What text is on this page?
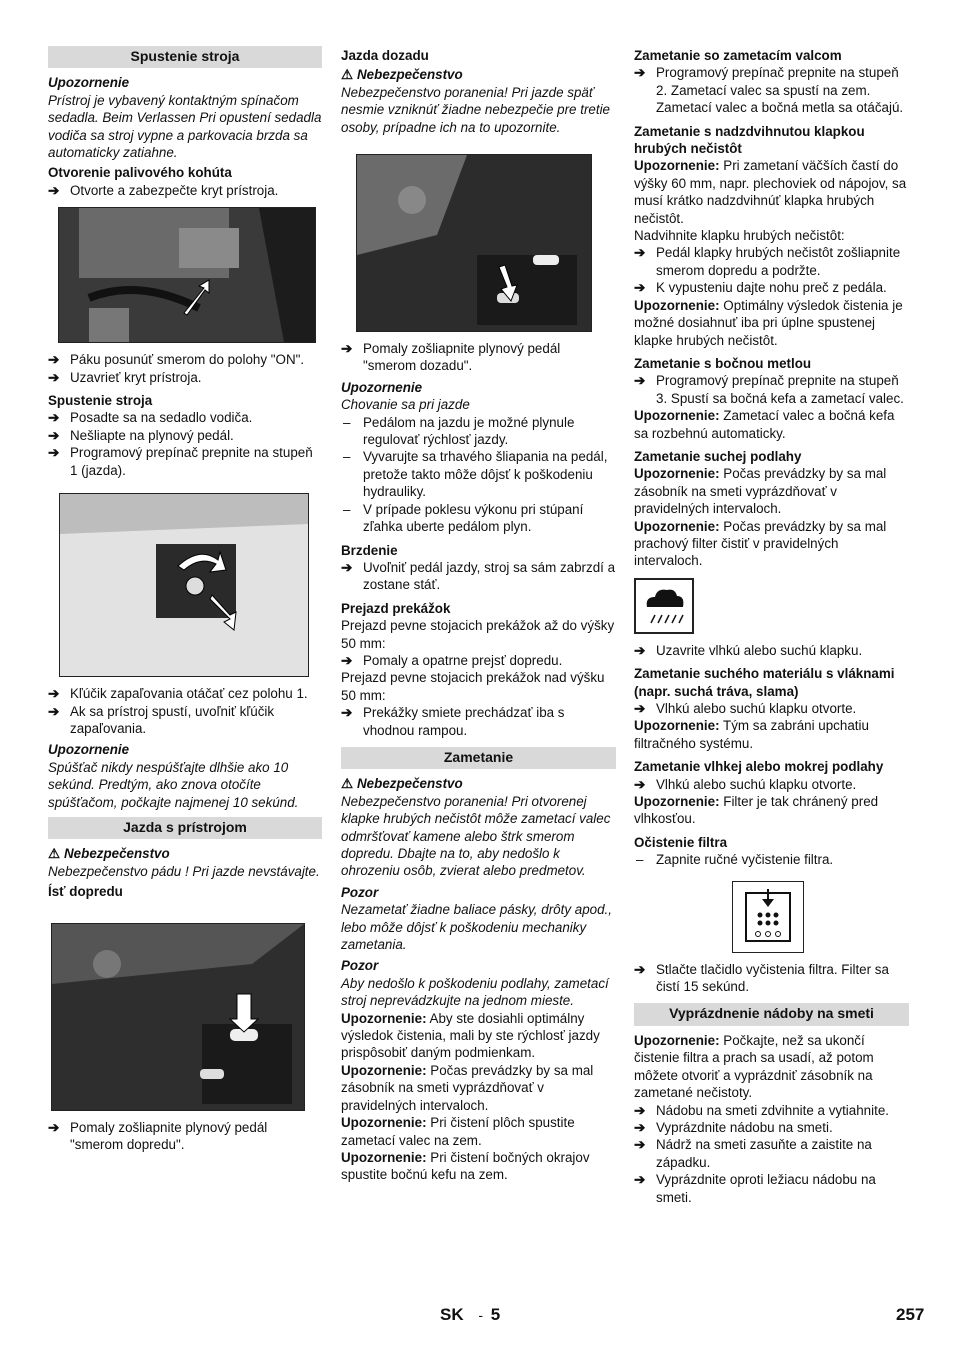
Spustenie stroja

Upozornenie

Prístroj je vybavený kontaktným spínačom sedadla. Beim Verlassen Pri opustení sedadla vodiča sa stroj vypne a parkovacia brzda sa automaticky zatiahne.

Otvorenie palivového kohúta

➔ Otvorte a zabezpečte kryt prístroja.
➔ Páku posunúť smerom do polohy "ON".
➔ Uzavrieť kryt prístroja.

Spustenie stroja

➔ Posadte sa na sedadlo vodiča.
➔ Nešliapte na plynový pedál.
➔ Programový prepínač prepnite na stupeň 1 (jazda).
➔ Kľúčik zapaľovania otáčať cez polohu 1.
➔ Ak sa prístroj spustí, uvoľniť kľúčik zapaľovania.

Upozornenie

Spúšťač nikdy nespúšťajte dlhšie ako 10 sekúnd. Predtým, ako znova otočíte spúšťačom, počkajte najmenej 10 sekúnd.

Jazda s prístrojom

⚠ Nebezpečenstvo

Nebezpečenstvo pádu ! Pri jazde nevstávajte.

Ísť dopredu

➔ Pomaly zošliapnite plynový pedál "smerom dopredu".

Jazda dozadu

⚠ Nebezpečenstvo

Nebezpečenstvo poranenia! Pri jazde späť nesmie vzniknúť žiadne nebezpečie pre tretie osoby, prípadne ich na to upozornite.

➔ Pomaly zošliapnite plynový pedál "smerom dozadu".

Upozornenie

Chovanie sa pri jazde

– Pedálom na jazdu je možné plynule regulovať rýchlosť jazdy.
– Vyvarujte sa trhavého šliapania na pedál, pretože takto môže dôjsť k poškodeniu hydrauliky.
– V prípade poklesu výkonu pri stúpaní zľahka uberte pedálom plyn.

Brzdenie

➔ Uvoľniť pedál jazdy, stroj sa sám zabrzdí a zostane stáť.

Prejazd prekážok

Prejazd pevne stojacich prekážok až do výšky 50 mm:

➔ Pomaly a opatrne prejsť dopredu.

Prejazd pevne stojacich prekážok nad výšku 50 mm:

➔ Prekážky smiete prechádzať iba s vhodnou rampou.
Zametanie

⚠ Nebezpečenstvo

Nebezpečenstvo poranenia! Pri otvorenej klapke hrubých nečistôt môže zametací valec odmršťovať kamene alebo štrk smerom dopredu. Dbajte na to, aby nedošlo k ohrozeniu osôb, zvierat alebo predmetov.

Pozor

Nezametať žiadne baliace pásky, drôty apod., lebo môže dôjsť k poškodeniu mechaniky zametania.

Pozor

Aby nedošlo k poškodeniu podlahy, zametací stroj neprevádzkujte na jednom mieste.

Upozornenie: Aby ste dosiahli optimálny výsledok čistenia, mali by ste rýchlosť jazdy prispôsobiť daným podmienkam.

Upozornenie: Počas prevádzky by sa mal zásobník na smeti vyprázdňovať v pravidelných intervaloch.

Upozornenie: Pri čistení plôch spustite zametací valec na zem.

Upozornenie: Pri čistení bočných okrajov spustite bočnú kefu na zem.

Zametanie so zametacím valcom

➔ Programový prepínač prepnite na stupeň 2. Zametací valec sa spustí na zem. Zametací valec a bočná metla sa otáčajú.

Zametanie s nadzdvihnutou klapkou hrubých nečistôt

Upozornenie: Pri zametaní väčších častí do výšky 60 mm, napr. plechoviek od nápojov, sa musí krátko nadzdvihnúť klapka hrubých nečistôt.

Nadvihnite klapku hrubých nečistôt:

➔ Pedál klapky hrubých nečistôt zošliapnite smerom dopredu a podržte.
➔ K vypusteniu dajte nohu preč z pedála.

Upozornenie: Optimálny výsledok čistenia je možné dosiahnuť iba pri úplne spustenej klapke hrubých nečistôt.

Zametanie s bočnou metlou

➔ Programový prepínač prepnite na stupeň 3. Spustí sa bočná kefa a zametací valec.

Upozornenie: Zametací valec a bočná kefa sa rozbehnú automaticky.

Zametanie suchej podlahy

Upozornenie: Počas prevádzky by sa mal zásobník na smeti vyprázdňovať v pravidelných intervaloch.

Upozornenie: Počas prevádzky by sa mal prachový filter čistiť v pravidelných intervaloch.

➔ Uzavrite vlhkú alebo suchú klapku.

Zametanie suchého materiálu s vláknami (napr. suchá tráva, slama)

➔ Vlhkú alebo suchú klapku otvorte.

Upozornenie: Tým sa zabráni upchatiu filtračného systému.

Zametanie vlhkej alebo mokrej podlahy

➔ Vlhkú alebo suchú klapku otvorte.

Upozornenie: Filter je tak chránený pred vlhkosťou.

Očistenie filtra

– Zapnite ručné vyčistenie filtra.
➔ Stlačte tlačidlo vyčistenia filtra. Filter sa čistí 15 sekúnd.
Vyprázdnenie nádoby na smeti

Upozornenie: Počkajte, než sa ukončí čistenie filtra a prach sa usadí, až potom môžete otvoriť a vyprázdniť zásobník na zametané nečistoty.

➔ Nádobu na smeti zdvihnite a vytiahnite.
➔ Vyprázdnite nádobu na smeti.
➔ Nádrž na smeti zasuňte a zaistite na západku.
➔ Vyprázdnite oproti ležiacu nádobu na smeti.
SK - 5	257
